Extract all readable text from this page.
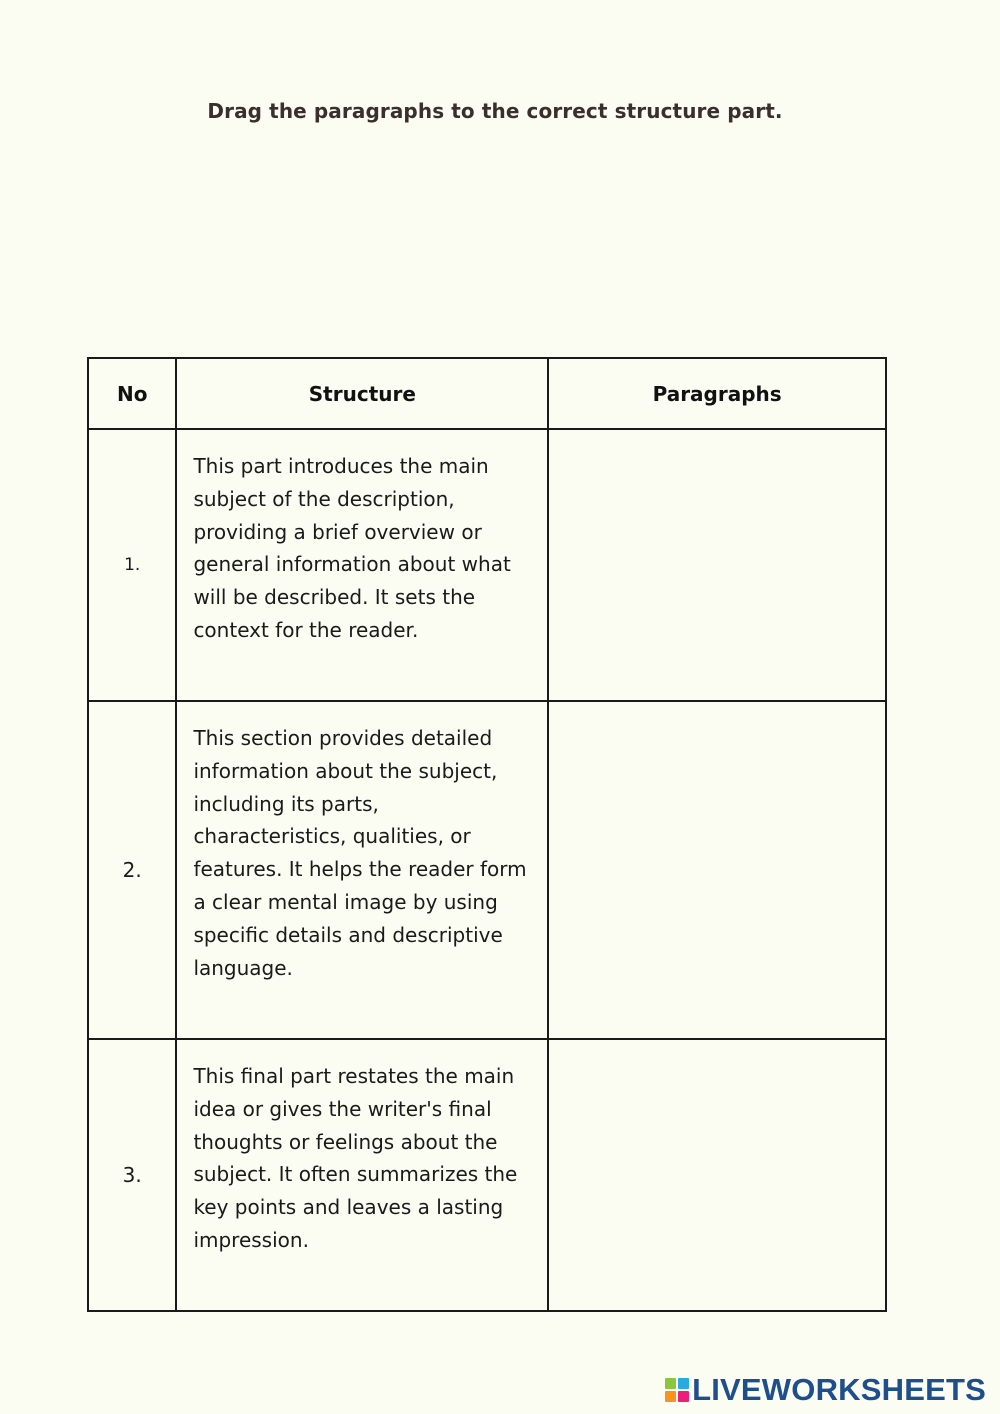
Drag the paragraphs to the correct structure part.
No	Structure	Paragraphs
1.	This part introduces the main subject of the description, providing a brief overview or general information about what will be described. It sets the context for the reader.	
2.	This section provides detailed information about the subject, including its parts, characteristics, qualities, or features. It helps the reader form a clear mental image by using specific details and descriptive language.	
3.	This final part restates the main idea or gives the writer's final thoughts or feelings about the subject. It often summarizes the key points and leaves a lasting impression.	
LIVEWORKSHEETS
